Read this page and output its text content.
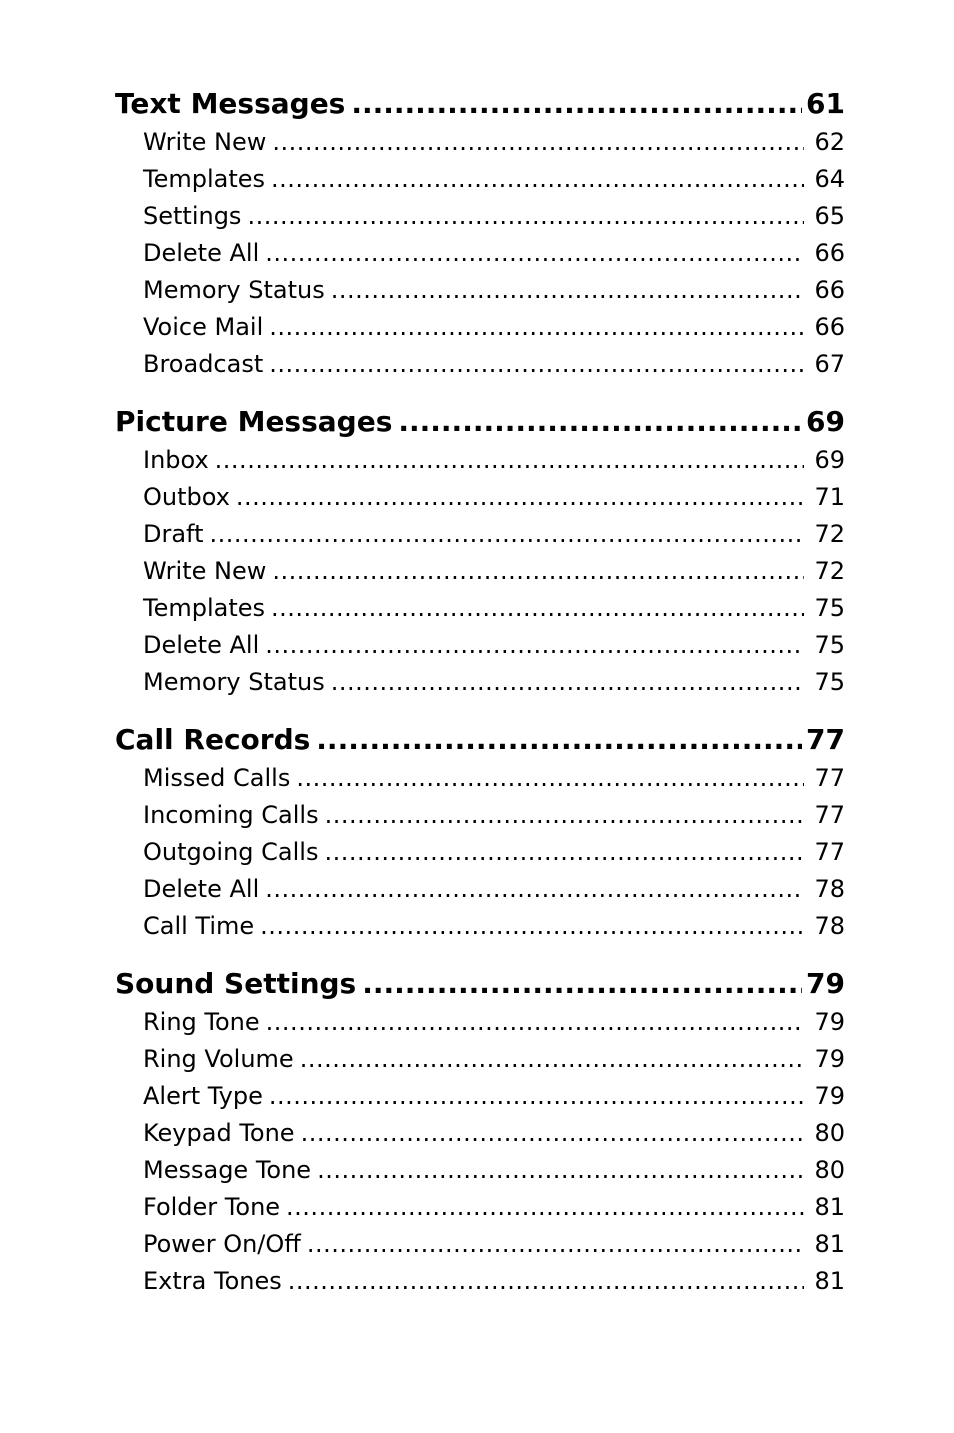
Text Messages .....	61
Write New .....	62
Templates .....	64
Settings .....	65
Delete All .....	66
Memory Status .....	66
Voice Mail .....	66
Broadcast .....	67
Picture Messages .....	69
Inbox .....	69
Outbox .....	71
Draft .....	72
Write New .....	72
Templates .....	75
Delete All .....	75
Memory Status .....	75
Call Records .....	77
Missed Calls .....	77
Incoming Calls .....	77
Outgoing Calls .....	77
Delete All .....	78
Call Time .....	78
Sound Settings .....	79
Ring Tone .....	79
Ring Volume .....	79
Alert Type .....	79
Keypad Tone .....	80
Message Tone .....	80
Folder Tone .....	81
Power On/Off .....	81
Extra Tones .....	81
